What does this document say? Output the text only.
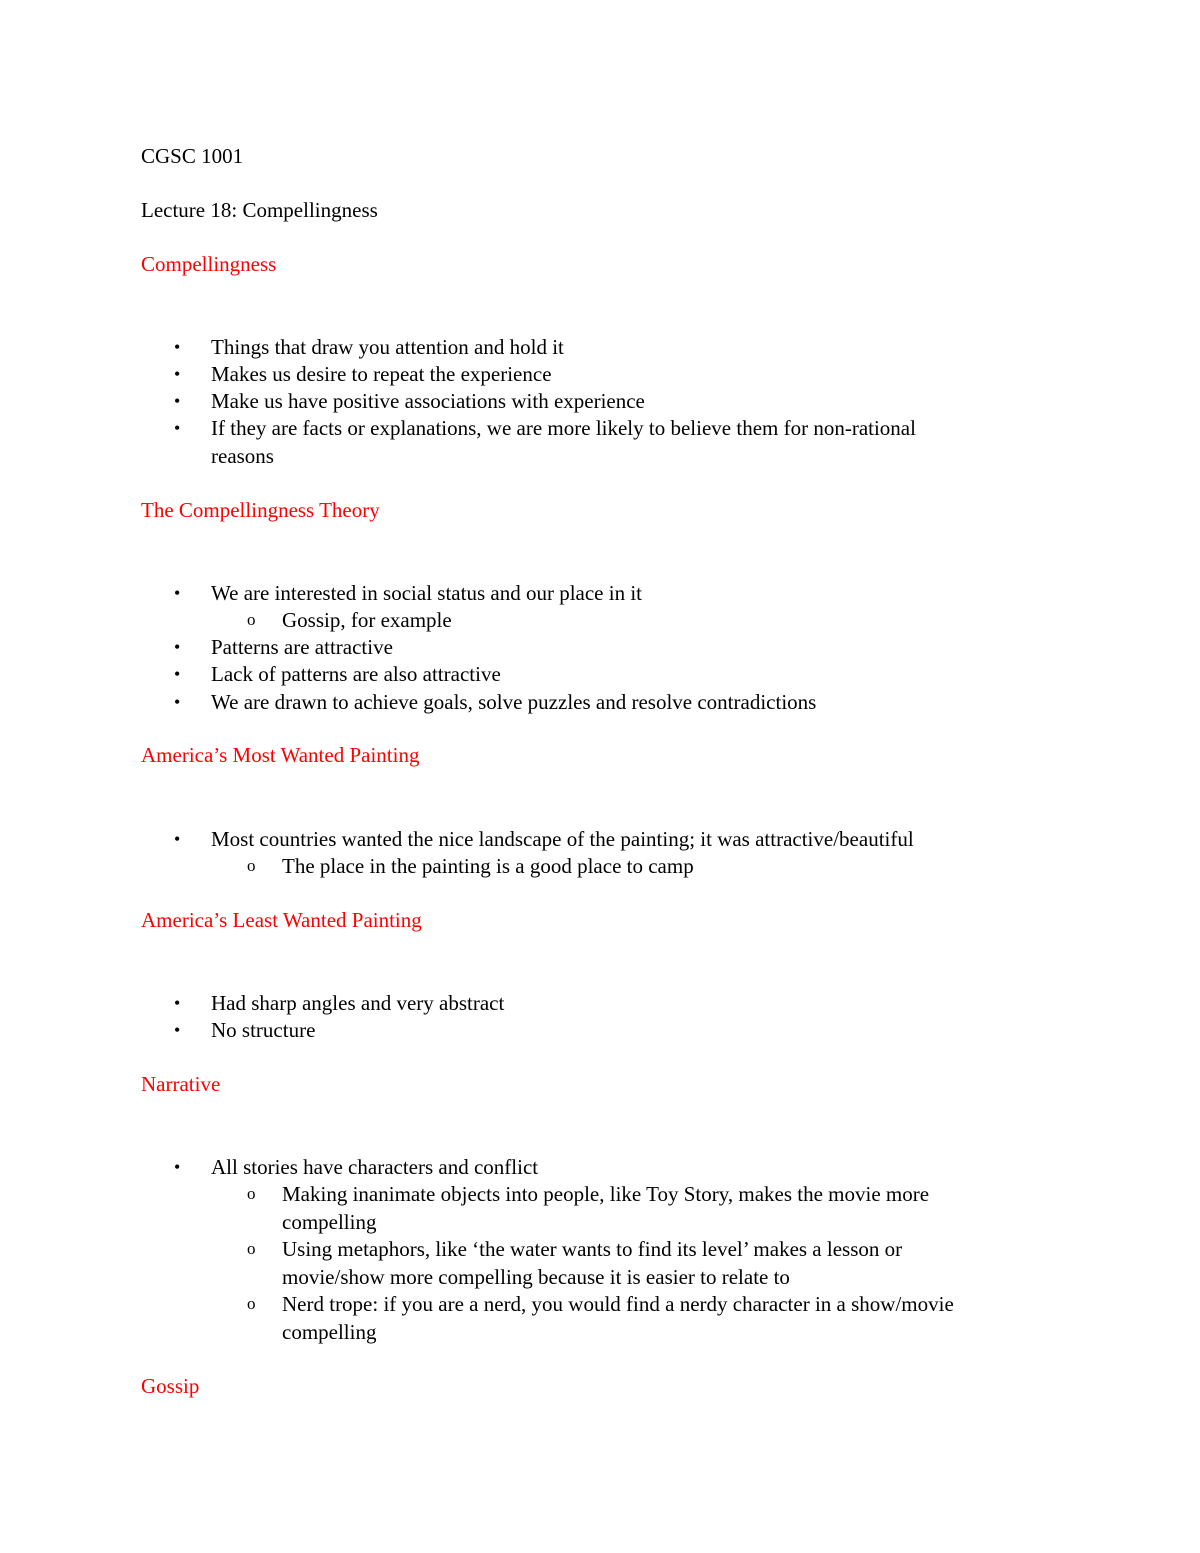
CGSC 1001
Lecture 18: Compellingness
Compellingness
•
Things that draw you attention and hold it
•
Makes us desire to repeat the experience
•
Make us have positive associations with experience
•
If they are facts or explanations, we are more likely to believe them for non-rational
reasons
The Compellingness Theory
•
We are interested in social status and our place in it
o
Gossip, for example
•
Patterns are attractive
•
Lack of patterns are also attractive
•
We are drawn to achieve goals, solve puzzles and resolve contradictions
America’s Most Wanted Painting
•
Most countries wanted the nice landscape of the painting; it was attractive/beautiful
o
The place in the painting is a good place to camp
America’s Least Wanted Painting
•
Had sharp angles and very abstract
•
No structure
Narrative
•
All stories have characters and conflict
o
Making inanimate objects into people, like Toy Story, makes the movie more
compelling
o
Using metaphors, like ‘the water wants to find its level’ makes a lesson or
movie/show more compelling because it is easier to relate to
o
Nerd trope: if you are a nerd, you would find a nerdy character in a show/movie
compelling
Gossip
